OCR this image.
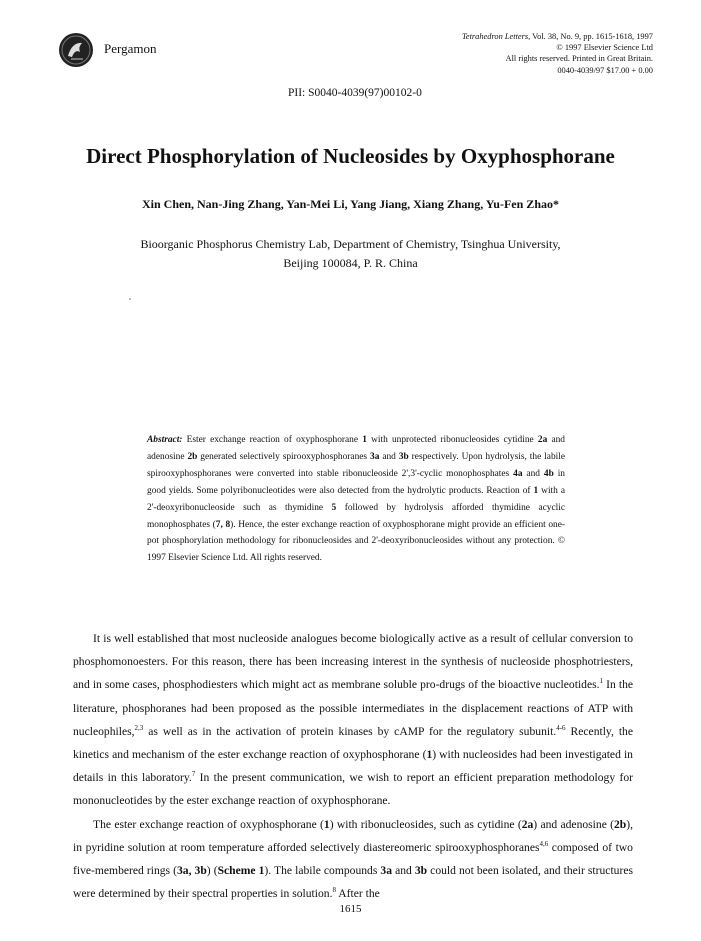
Pergamon
Tetrahedron Letters, Vol. 38, No. 9, pp. 1615-1618, 1997
© 1997 Elsevier Science Ltd
All rights reserved. Printed in Great Britain.
0040-4039/97 $17.00 + 0.00
PII: S0040-4039(97)00102-0
Direct Phosphorylation of Nucleosides by Oxyphosphorane
Xin Chen, Nan-Jing Zhang, Yan-Mei Li, Yang Jiang, Xiang Zhang, Yu-Fen Zhao*
Bioorganic Phosphorus Chemistry Lab, Department of Chemistry, Tsinghua University,
Beijing 100084, P. R. China
Abstract: Ester exchange reaction of oxyphosphorane 1 with unprotected ribonucleosides cytidine 2a and adenosine 2b generated selectively spirooxyphosphoranes 3a and 3b respectively. Upon hydrolysis, the labile spirooxyphosphoranes were converted into stable ribonucleoside 2',3'-cyclic monophosphates 4a and 4b in good yields. Some polyribonucleotides were also detected from the hydrolytic products. Reaction of 1 with a 2'-deoxyribonucleoside such as thymidine 5 followed by hydrolysis afforded thymidine acyclic monophosphates (7, 8). Hence, the ester exchange reaction of oxyphosphorane might provide an efficient one-pot phosphorylation methodology for ribonucleosides and 2'-deoxyribonucleosides without any protection. © 1997 Elsevier Science Ltd. All rights reserved.

It is well established that most nucleoside analogues become biologically active as a result of cellular conversion to phosphomonoesters. For this reason, there has been increasing interest in the synthesis of nucleoside phosphotriesters, and in some cases, phosphodiesters which might act as membrane soluble pro-drugs of the bioactive nucleotides.$^1$ In the literature, phosphoranes had been proposed as the possible intermediates in the displacement reactions of ATP with nucleophiles,$^{2,3}$ as well as in the activation of protein kinases by cAMP for the regulatory subunit.$^{4-6}$ Recently, the kinetics and mechanism of the ester exchange reaction of oxyphosphorane (1) with nucleosides had been investigated in details in this laboratory.$^7$ In the present communication, we wish to report an efficient preparation methodology for mononucleotides by the ester exchange reaction of oxyphosphorane.

The ester exchange reaction of oxyphosphorane (1) with ribonucleosides, such as cytidine (2a) and adenosine (2b), in pyridine solution at room temperature afforded selectively diastereomeric spirooxyphosphoranes$^{4,6}$ composed of two five-membered rings (3a, 3b) (Scheme 1). The labile compounds 3a and 3b could not been isolated, and their structures were determined by their spectral properties in solution.$^8$ After the

1615
